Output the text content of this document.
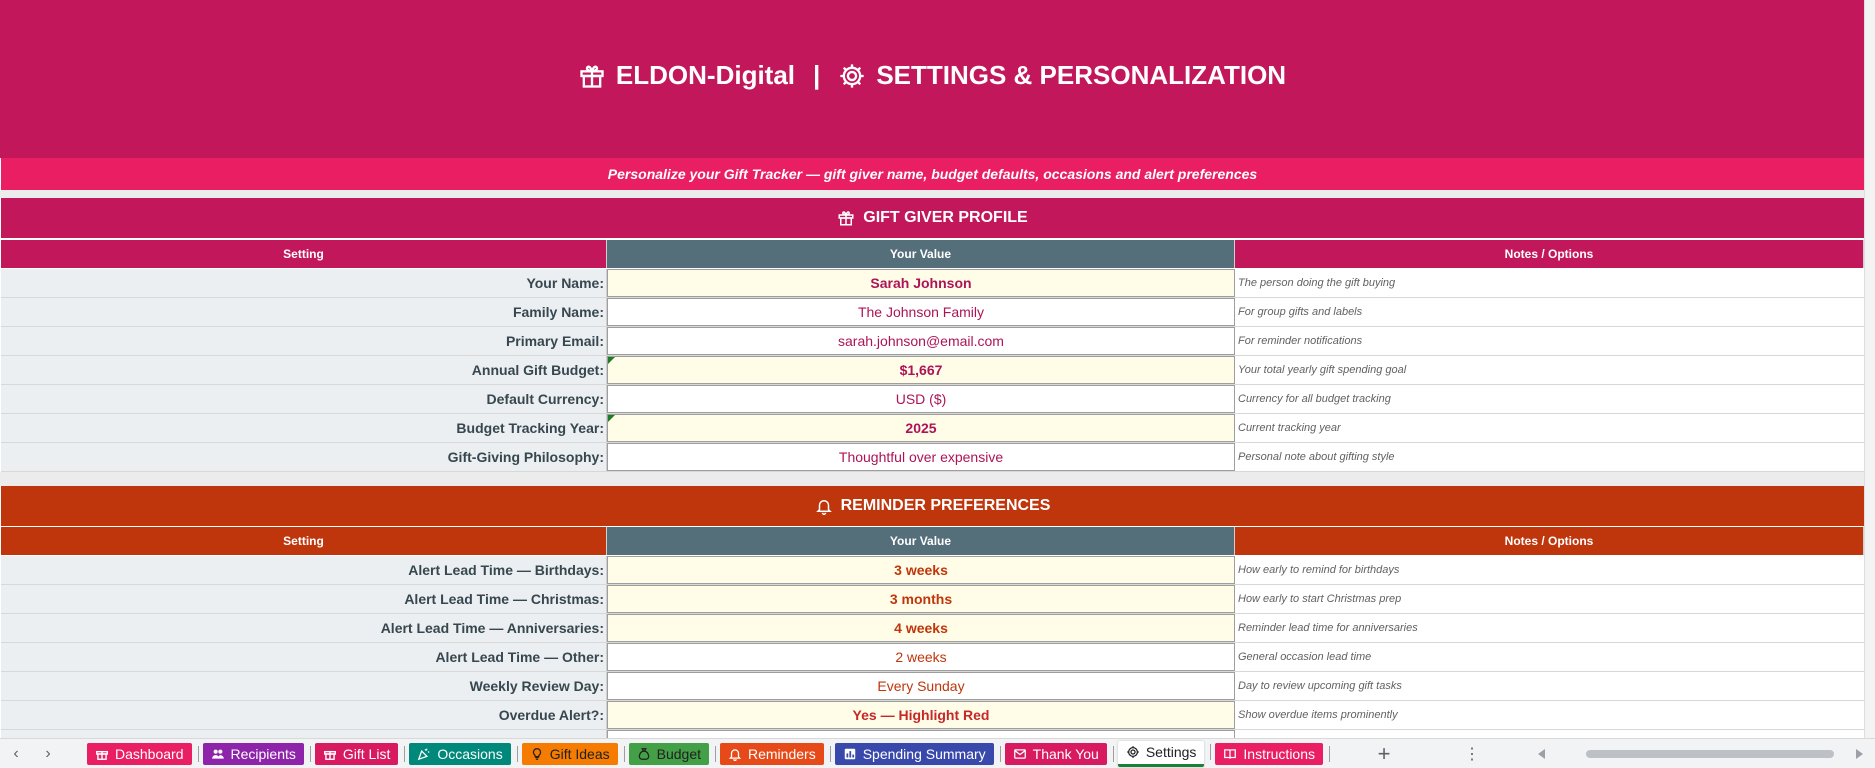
ELDON-Digital | SETTINGS & PERSONALIZATION
Personalize your Gift Tracker — gift giver name, budget defaults, occasions and alert preferences
GIFT GIVER PROFILE
Setting	Your Value	Notes / Options
Your Name:	Sarah Johnson	The person doing the gift buying
Family Name:	The Johnson Family	For group gifts and labels
Primary Email:	sarah.johnson@email.com	For reminder notifications
Annual Gift Budget:	$1,667	Your total yearly gift spending goal
Default Currency:	USD ($)	Currency for all budget tracking
Budget Tracking Year:	2025	Current tracking year
Gift-Giving Philosophy:	Thoughtful over expensive	Personal note about gifting style
REMINDER PREFERENCES
Setting	Your Value	Notes / Options
Alert Lead Time — Birthdays:	3 weeks	How early to remind for birthdays
Alert Lead Time — Christmas:	3 months	How early to start Christmas prep
Alert Lead Time — Anniversaries:	4 weeks	Reminder lead time for anniversaries
Alert Lead Time — Other:	2 weeks	General occasion lead time
Weekly Review Day:	Every Sunday	Day to review upcoming gift tasks
Overdue Alert?:	Yes — Highlight Red	Show overdue items prominently
‹	›	Dashboard	Recipients	Gift List	Occasions	Gift Ideas	Budget	Reminders	Spending Summary	Thank You	Settings	Instructions	+	⋮
